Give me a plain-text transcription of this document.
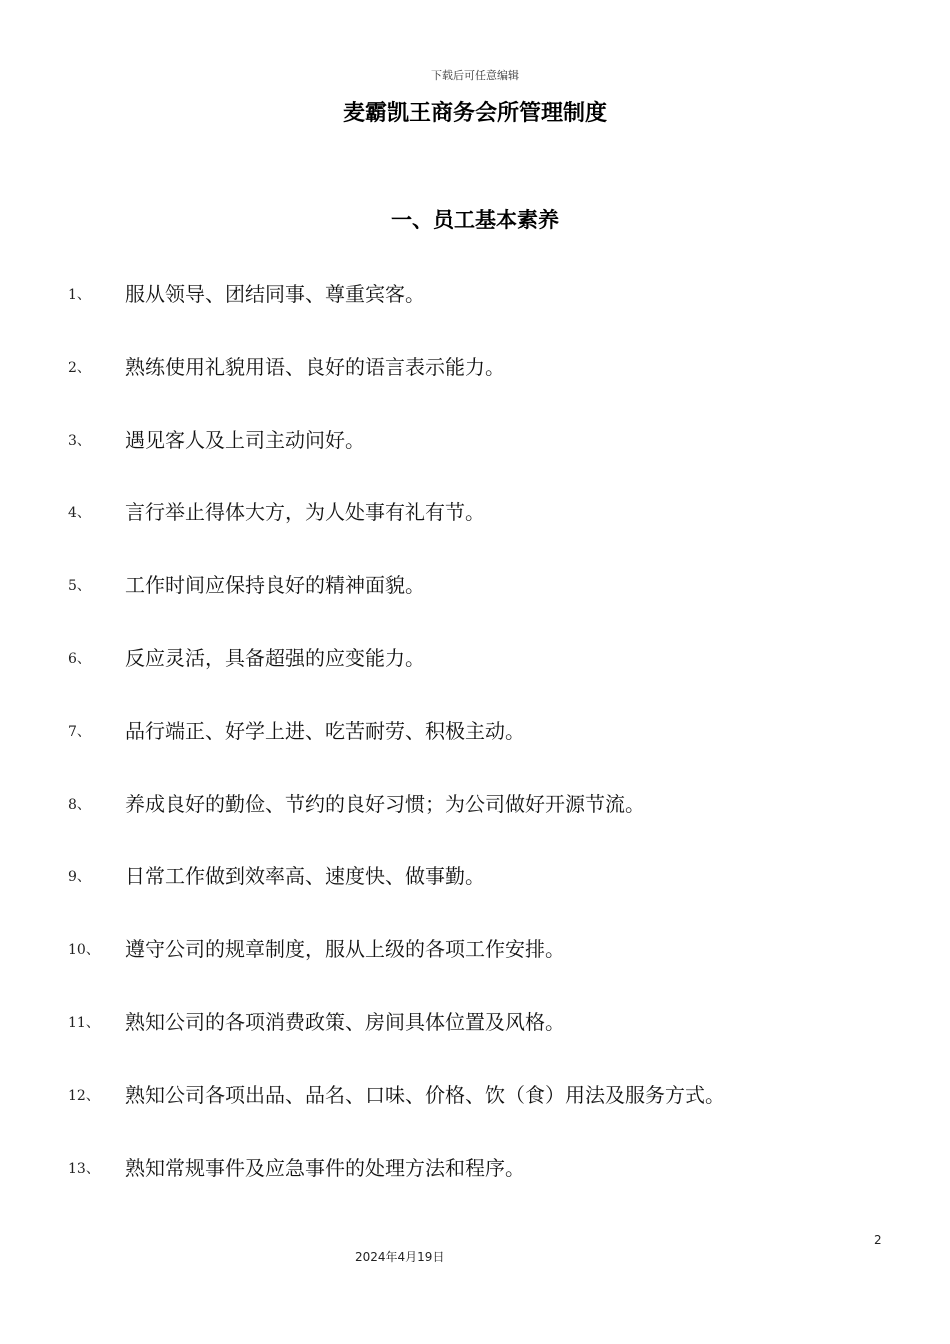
下载后可任意编辑
麦霸凯王商务会所管理制度
一、员工基本素养
1、 服从领导、团结同事、尊重宾客。
2、 熟练使用礼貌用语、良好的语言表示能力。
3、 遇见客人及上司主动问好。
4、 言行举止得体大方，为人处事有礼有节。
5、 工作时间应保持良好的精神面貌。
6、 反应灵活，具备超强的应变能力。
7、 品行端正、好学上进、吃苦耐劳、积极主动。
8、 养成良好的勤俭、节约的良好习惯；为公司做好开源节流。
9、 日常工作做到效率高、速度快、做事勤。
10、 遵守公司的规章制度，服从上级的各项工作安排。
11、 熟知公司的各项消费政策、房间具体位置及风格。
12、 熟知公司各项出品、品名、口味、价格、饮（食）用法及服务方式。
13、 熟知常规事件及应急事件的处理方法和程序。
2
2024年4月19日
